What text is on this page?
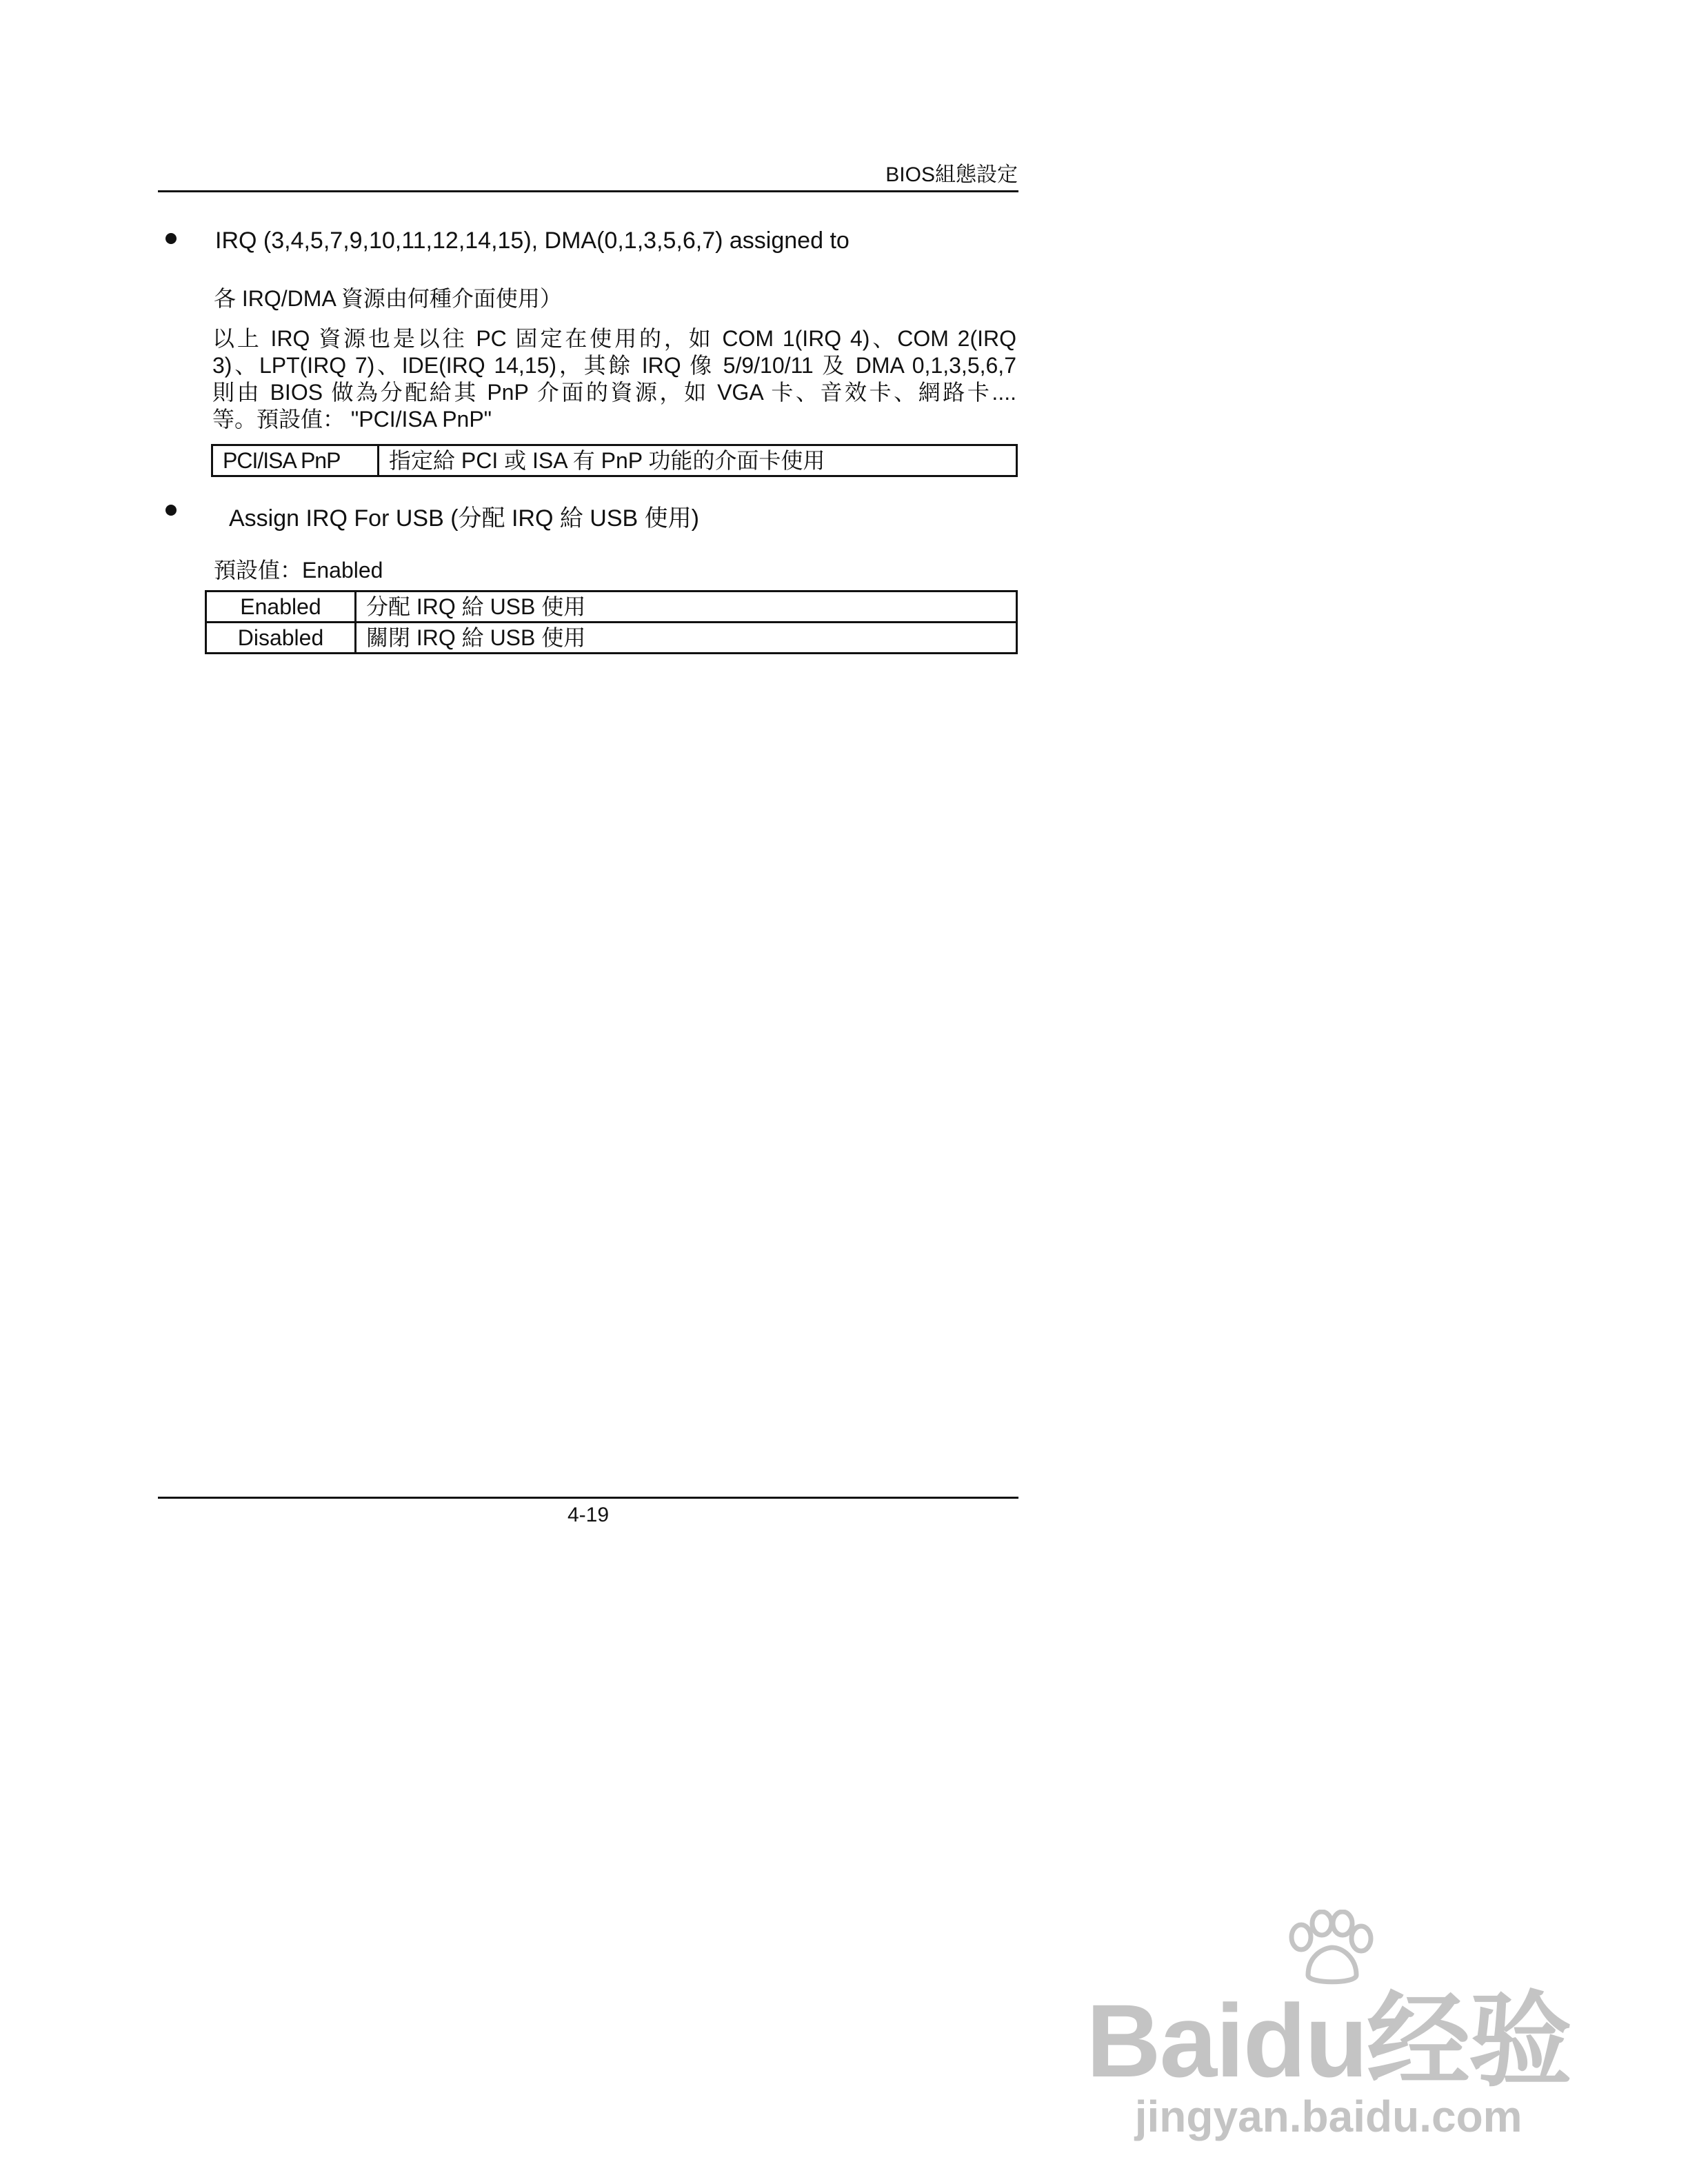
BIOS組態設定
IRQ (3,4,5,7,9,10,11,12,14,15), DMA(0,1,3,5,6,7) assigned to
各 IRQ/DMA 資源由何種介面使用）
以上 IRQ 資源也是以往 PC 固定在使用的，如 COM 1(IRQ 4)、COM 2(IRQ
3)、LPT(IRQ 7)、IDE(IRQ 14,15)，其餘 IRQ 像 5/9/10/11 及 DMA 0,1,3,5,6,7
則由 BIOS 做為分配給其 PnP 介面的資源，如 VGA 卡、音效卡、網路卡....
等。預設值： "PCI/ISA PnP"
PCI/ISA PnP	指定給 PCI 或 ISA 有 PnP 功能的介面卡使用
Assign IRQ For USB (分配 IRQ 給 USB 使用)
預設值：Enabled
Enabled	分配 IRQ 給 USB 使用
Disabled	關閉 IRQ 給 USB 使用
4-19
Baidu经验
jingyan.baidu.com
